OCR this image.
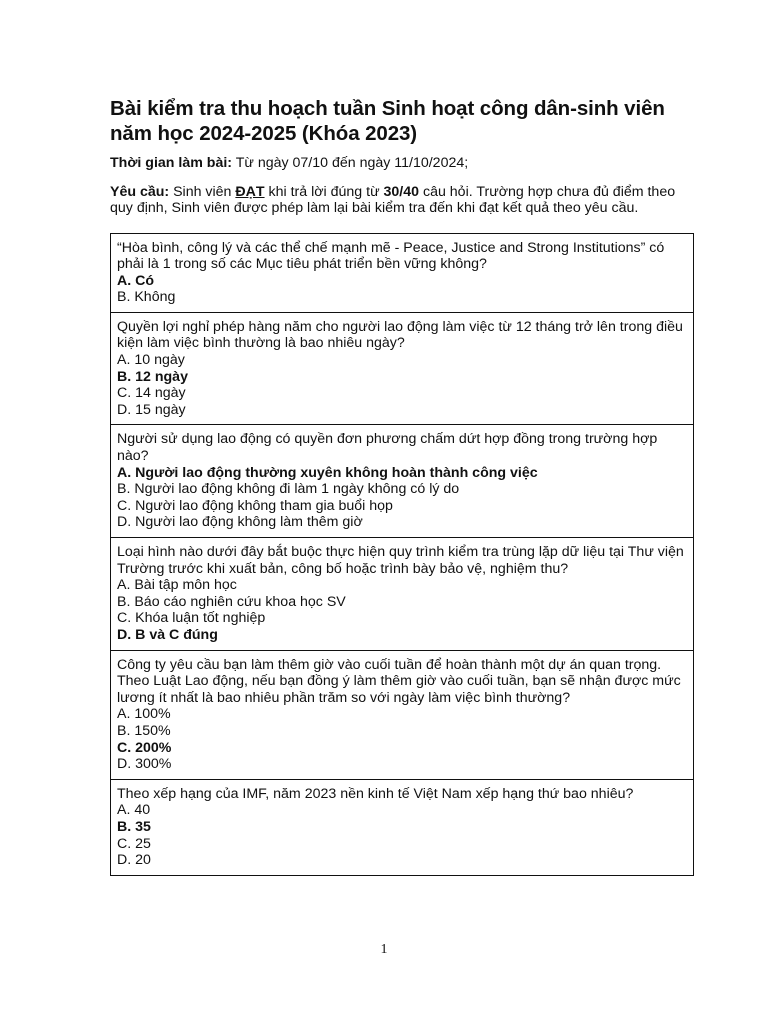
Bài kiểm tra thu hoạch tuần Sinh hoạt công dân-sinh viên năm học 2024-2025 (Khóa 2023)

Thời gian làm bài: Từ ngày 07/10 đến ngày 11/10/2024;

Yêu cầu: Sinh viên ĐẠT khi trả lời đúng từ 30/40 câu hỏi. Trường hợp chưa đủ điểm theo quy định, Sinh viên được phép làm lại bài kiểm tra đến khi đạt kết quả theo yêu cầu.

“Hòa bình, công lý và các thể chế mạnh mẽ - Peace, Justice and Strong Institutions” có phải là 1 trong số các Mục tiêu phát triển bền vững không?

A. Có

B. Không

Quyền lợi nghỉ phép hàng năm cho người lao động làm việc từ 12 tháng trở lên trong điều kiện làm việc bình thường là bao nhiêu ngày?

A. 10 ngày

B. 12 ngày

C. 14 ngày

D. 15 ngày

Người sử dụng lao động có quyền đơn phương chấm dứt hợp đồng trong trường hợp nào?

A. Người lao động thường xuyên không hoàn thành công việc

B. Người lao động không đi làm 1 ngày không có lý do

C. Người lao động không tham gia buổi họp

D. Người lao động không làm thêm giờ

Loại hình nào dưới đây bắt buộc thực hiện quy trình kiểm tra trùng lặp dữ liệu tại Thư viện Trường trước khi xuất bản, công bố hoặc trình bày bảo vệ, nghiệm thu?

A. Bài tập môn học

B. Báo cáo nghiên cứu khoa học SV

C. Khóa luận tốt nghiệp

D. B và C đúng

Công ty yêu cầu bạn làm thêm giờ vào cuối tuần để hoàn thành một dự án quan trọng. Theo Luật Lao động, nếu bạn đồng ý làm thêm giờ vào cuối tuần, bạn sẽ nhận được mức lương ít nhất là bao nhiêu phần trăm so với ngày làm việc bình thường?

A. 100%

B. 150%

C. 200%

D. 300%

Theo xếp hạng của IMF, năm 2023 nền kinh tế Việt Nam xếp hạng thứ bao nhiêu?

A. 40

B. 35

C. 25

D. 20

1
